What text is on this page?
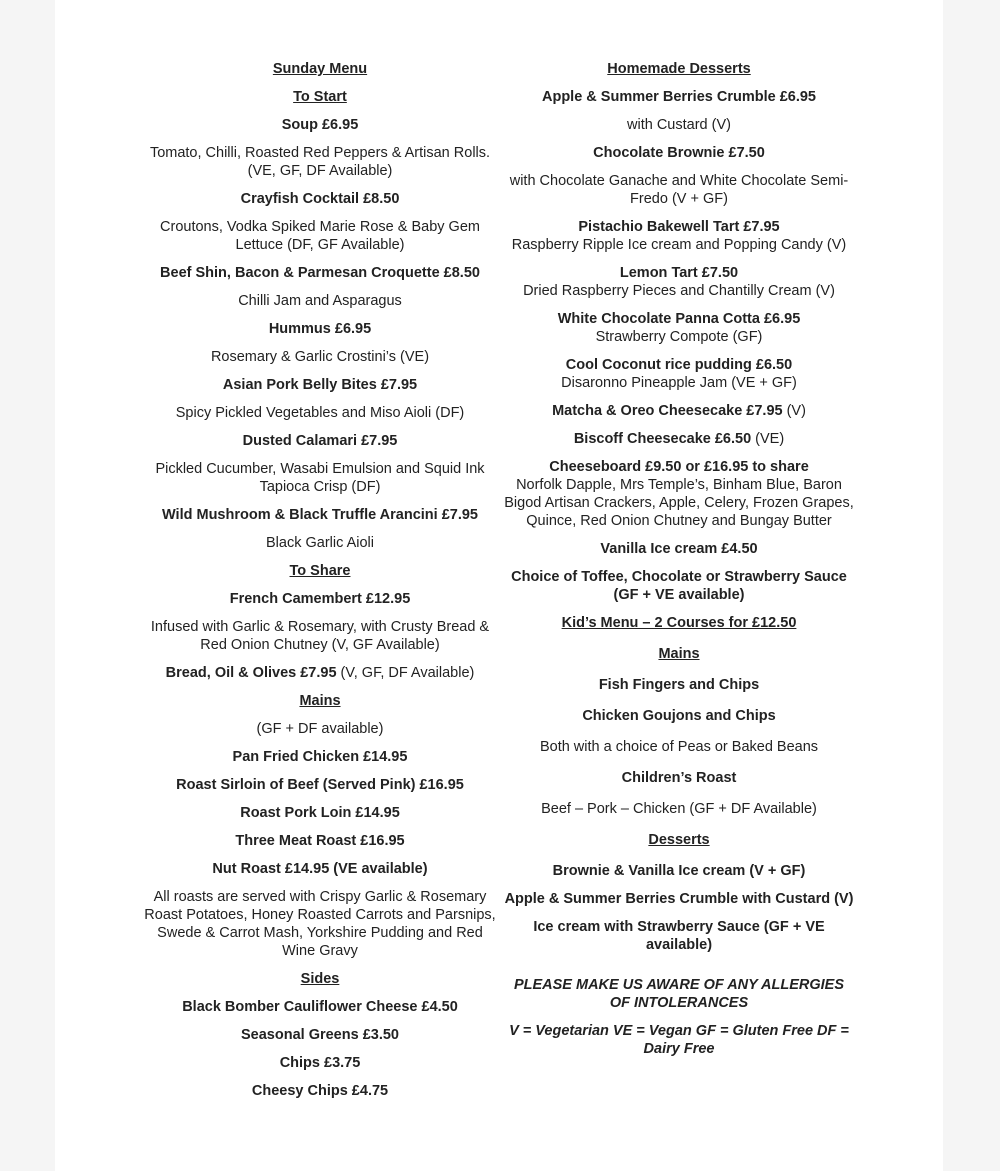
Sunday Menu
To Start
Soup £6.95
Tomato, Chilli, Roasted Red Peppers & Artisan Rolls. (VE, GF, DF Available)
Crayfish Cocktail £8.50
Croutons, Vodka Spiked Marie Rose & Baby Gem Lettuce (DF, GF Available)
Beef Shin, Bacon & Parmesan Croquette £8.50
Chilli Jam and Asparagus
Hummus £6.95
Rosemary & Garlic Crostini’s (VE)
Asian Pork Belly Bites £7.95
Spicy Pickled Vegetables and Miso Aioli (DF)
Dusted Calamari £7.95
Pickled Cucumber, Wasabi Emulsion and Squid Ink Tapioca Crisp (DF)
Wild Mushroom & Black Truffle Arancini £7.95
Black Garlic Aioli
To Share
French Camembert £12.95
Infused with Garlic & Rosemary, with Crusty Bread & Red Onion Chutney (V, GF Available)
Bread, Oil & Olives £7.95 (V, GF, DF Available)
Mains
(GF + DF available)
Pan Fried Chicken £14.95
Roast Sirloin of Beef (Served Pink) £16.95
Roast Pork Loin £14.95
Three Meat Roast £16.95
Nut Roast £14.95 (VE available)
All roasts are served with Crispy Garlic & Rosemary Roast Potatoes, Honey Roasted Carrots and Parsnips, Swede & Carrot Mash, Yorkshire Pudding and Red Wine Gravy
Sides
Black Bomber Cauliflower Cheese £4.50
Seasonal Greens £3.50
Chips £3.75
Cheesy Chips £4.75
Homemade Desserts
Apple & Summer Berries Crumble £6.95
with Custard (V)
Chocolate Brownie £7.50
with Chocolate Ganache and White Chocolate Semi-Fredo (V + GF)
Pistachio Bakewell Tart £7.95
Raspberry Ripple Ice cream and Popping Candy (V)
Lemon Tart £7.50
Dried Raspberry Pieces and Chantilly Cream (V)
White Chocolate Panna Cotta £6.95
Strawberry Compote (GF)
Cool Coconut rice pudding £6.50
Disaronno Pineapple Jam (VE + GF)
Matcha & Oreo Cheesecake £7.95 (V)
Biscoff Cheesecake £6.50 (VE)
Cheeseboard £9.50 or £16.95 to share
Norfolk Dapple, Mrs Temple’s, Binham Blue, Baron Bigod Artisan Crackers, Apple, Celery, Frozen Grapes, Quince, Red Onion Chutney and Bungay Butter
Vanilla Ice cream £4.50
Choice of Toffee, Chocolate or Strawberry Sauce (GF + VE available)
Kid’s Menu – 2 Courses for £12.50
Mains
Fish Fingers and Chips
Chicken Goujons and Chips
Both with a choice of Peas or Baked Beans
Children’s Roast
Beef – Pork – Chicken (GF + DF Available)
Desserts
Brownie & Vanilla Ice cream (V + GF)
Apple & Summer Berries Crumble with Custard (V)
Ice cream with Strawberry Sauce (GF + VE available)
PLEASE MAKE US AWARE OF ANY ALLERGIES OF INTOLERANCES
V = Vegetarian VE = Vegan GF = Gluten Free DF = Dairy Free
